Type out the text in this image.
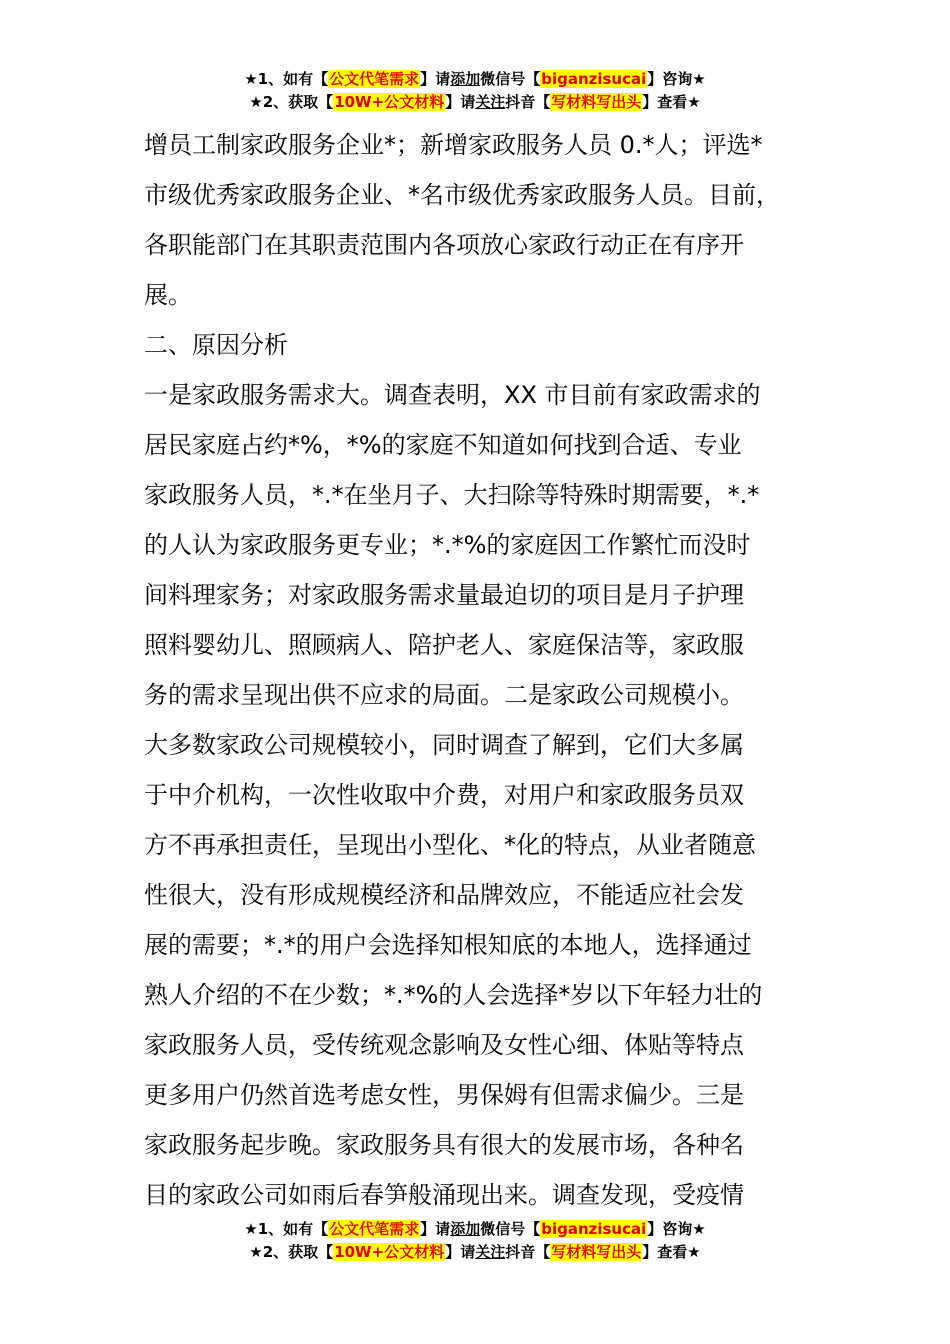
★1、如有【公文代笔需求】请添加微信号【biganzisucai】咨询★
★2、获取【10W+公文材料】请关注抖音【写材料写出头】查看★
增员工制家政服务企业*；新增家政服务人员 0.*人；评选*
市级优秀家政服务企业、*名市级优秀家政服务人员。目前，
各职能部门在其职责范围内各项放心家政行动正在有序开
展。
二、原因分析
一是家政服务需求大。调查表明，XX 市目前有家政需求的
居民家庭占约*%，*%的家庭不知道如何找到合适、专业
家政服务人员，*.*在坐月子、大扫除等特殊时期需要，*.*
的人认为家政服务更专业；*.*%的家庭因工作繁忙而没时
间料理家务；对家政服务需求量最迫切的项目是月子护理
照料婴幼儿、照顾病人、陪护老人、家庭保洁等，家政服
务的需求呈现出供不应求的局面。二是家政公司规模小。
大多数家政公司规模较小，同时调查了解到，它们大多属
于中介机构，一次性收取中介费，对用户和家政服务员双
方不再承担责任，呈现出小型化、*化的特点，从业者随意
性很大，没有形成规模经济和品牌效应，不能适应社会发
展的需要；*.*的用户会选择知根知底的本地人，选择通过
熟人介绍的不在少数；*.*%的人会选择*岁以下年轻力壮的
家政服务人员，受传统观念影响及女性心细、体贴等特点
更多用户仍然首选考虑女性，男保姆有但需求偏少。三是
家政服务起步晚。家政服务具有很大的发展市场，各种名
目的家政公司如雨后春笋般涌现出来。调查发现，受疫情
★1、如有【公文代笔需求】请添加微信号【biganzisucai】咨询★
★2、获取【10W+公文材料】请关注抖音【写材料写出头】查看★
